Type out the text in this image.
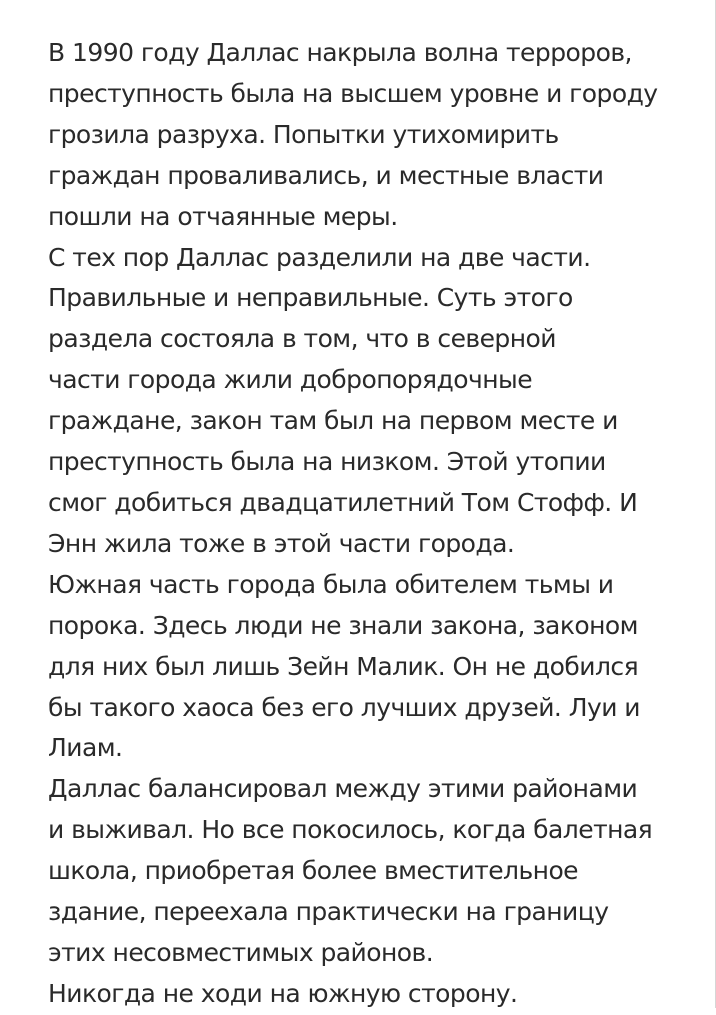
В 1990 году Даллас накрыла волна терроров,
преступность была на высшем уровне и городу
грозила разруха. Попытки утихомирить
граждан проваливались, и местные власти
пошли на отчаянные меры.
С тех пор Даллас разделили на две части.
Правильные и неправильные. Суть этого
раздела состояла в том, что в северной
части города жили добропорядочные
граждане, закон там был на первом месте и
преступность была на низком. Этой утопии
смог добиться двадцатилетний Том Стофф. И
Энн жила тоже в этой части города.
Южная часть города была обителем тьмы и
порока. Здесь люди не знали закона, законом
для них был лишь Зейн Малик. Он не добился
бы такого хаоса без его лучших друзей. Луи и
Лиам.
Даллас балансировал между этими районами
и выживал. Но все покосилось, когда балетная
школа, приобретая более вместительное
здание, переехала практически на границу
этих несовместимых районов.
Никогда не ходи на южную сторону.
